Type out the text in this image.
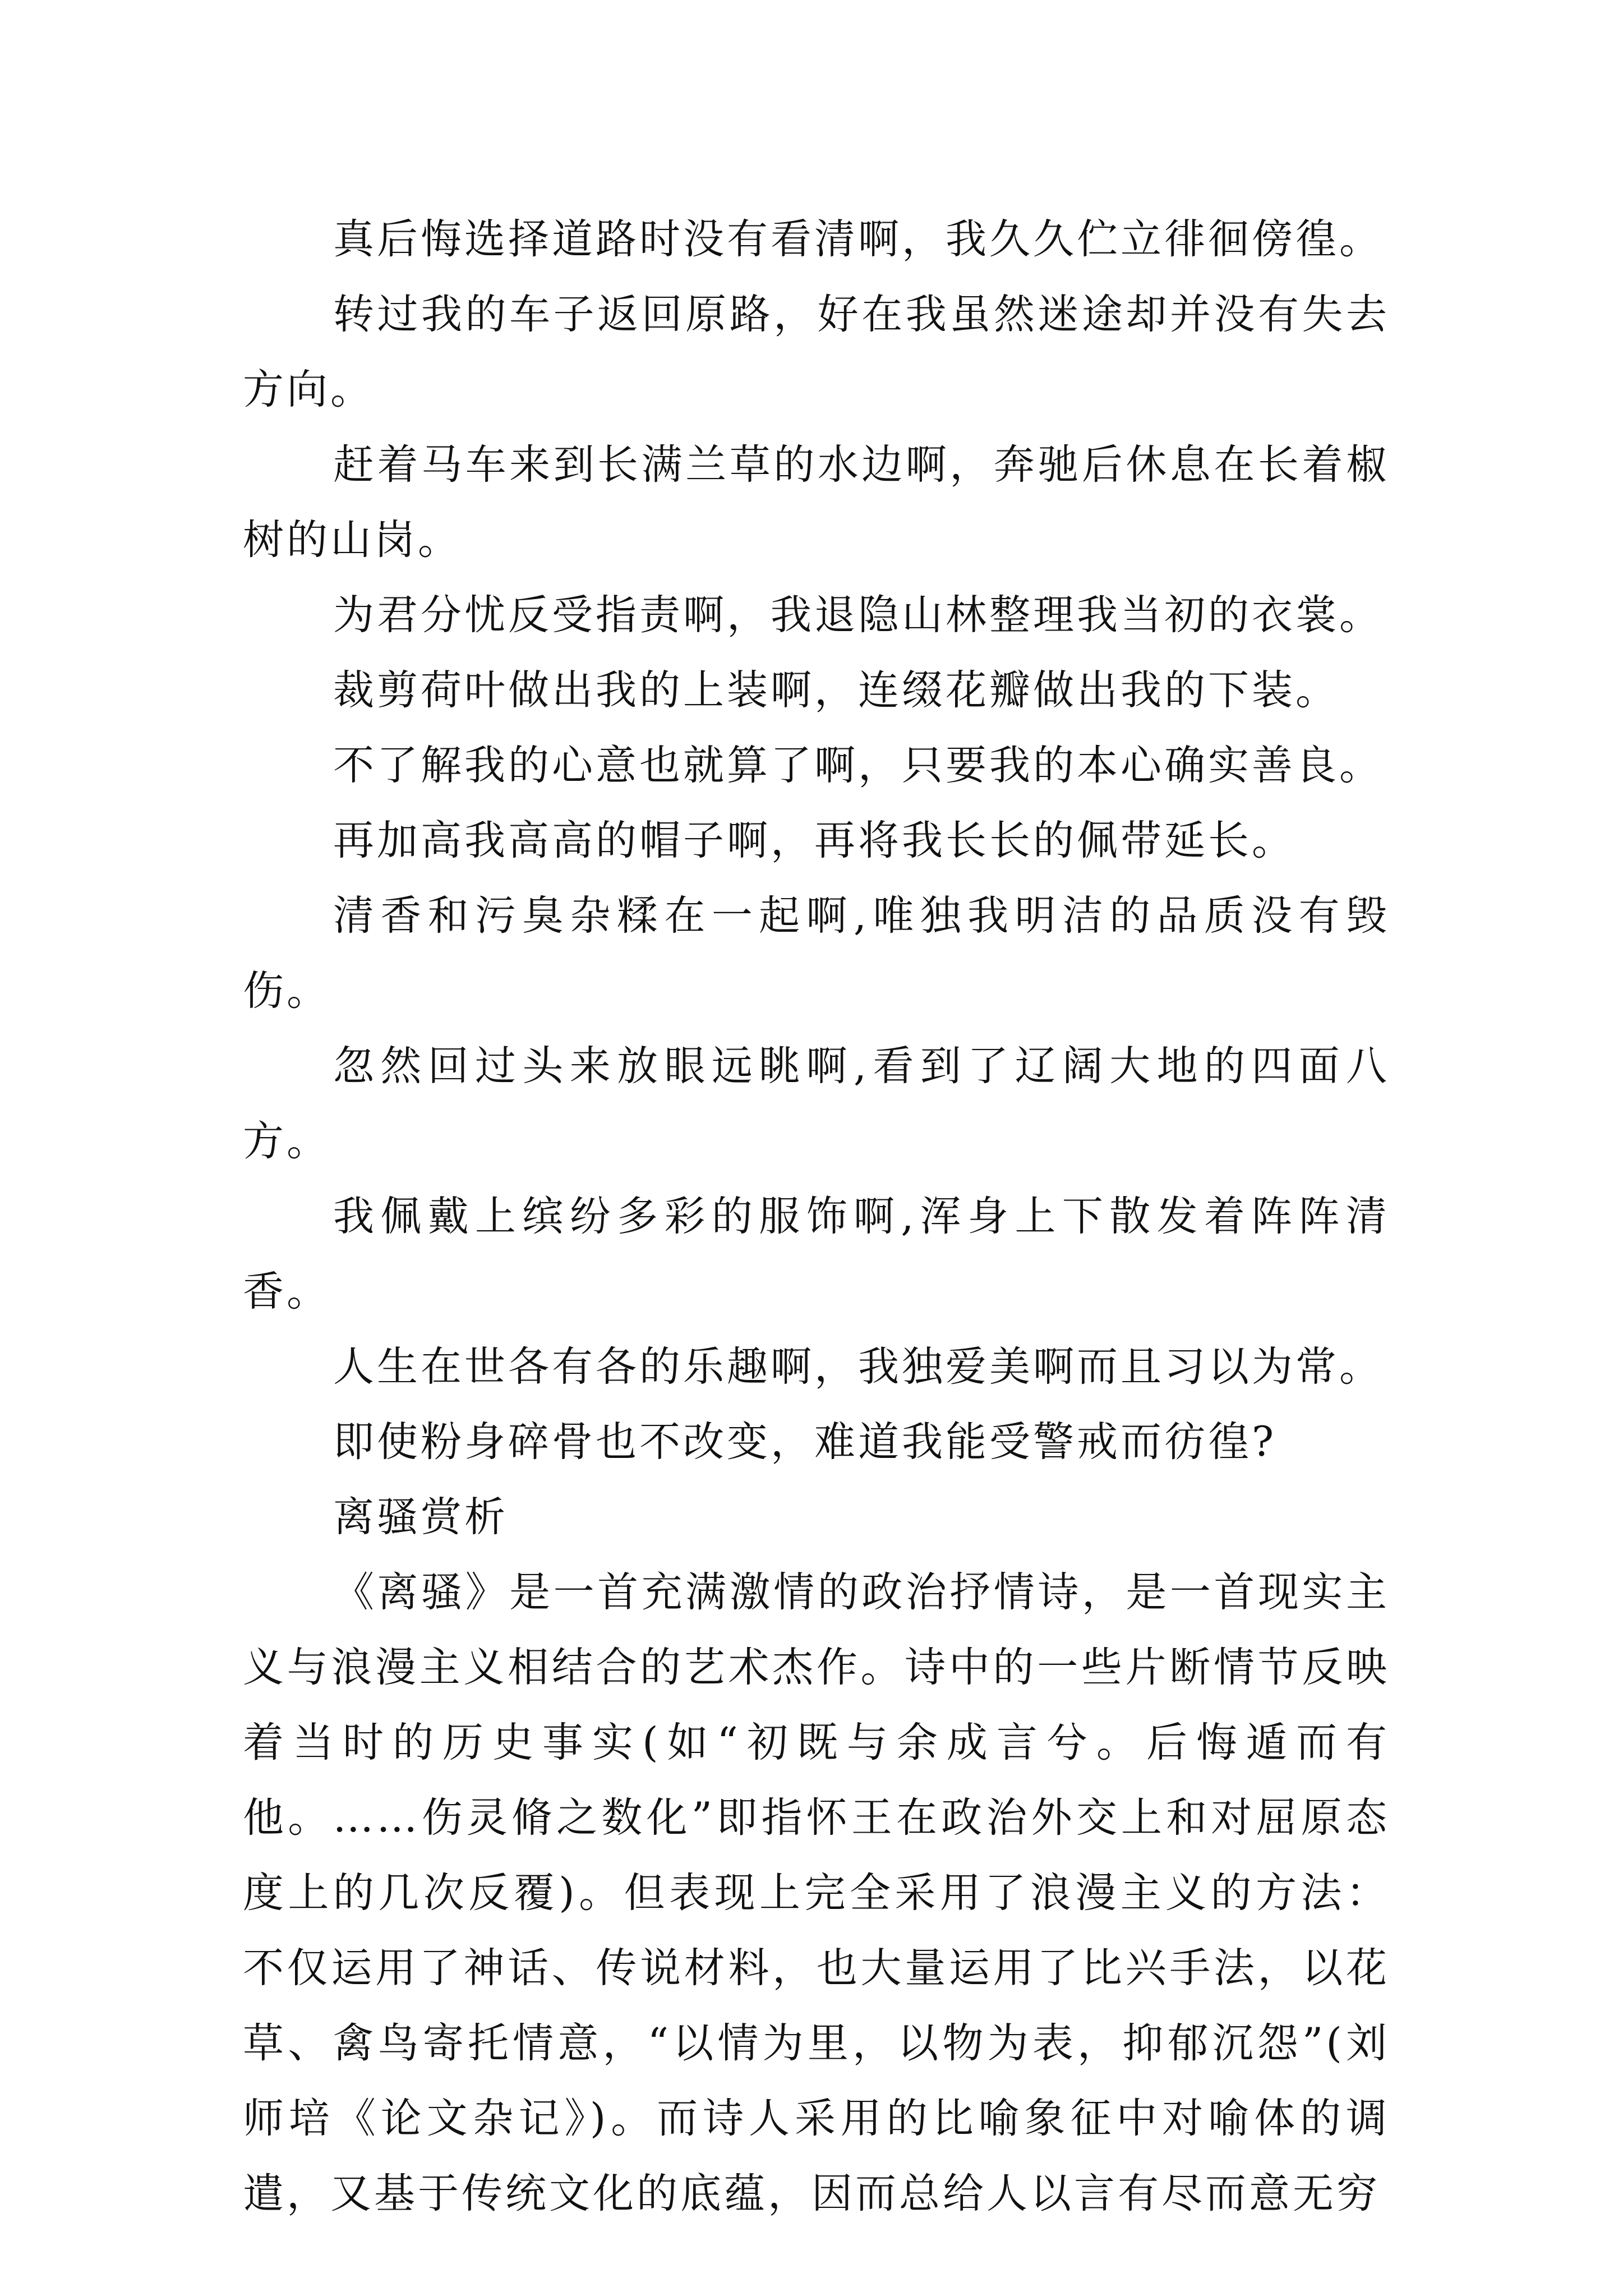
真后悔选择道路时没有看清啊，我久久伫立徘徊傍徨。

转过我的车子返回原路，好在我虽然迷途却并没有失去方向。

赶着马车来到长满兰草的水边啊，奔驰后休息在长着椒树的山岗。

为君分忧反受指责啊，我退隐山林整理我当初的衣裳。

裁剪荷叶做出我的上装啊，连缀花瓣做出我的下装。

不了解我的心意也就算了啊，只要我的本心确实善良。

再加高我高高的帽子啊，再将我长长的佩带延长。

清香和污臭杂糅在一起啊,唯独我明洁的品质没有毁伤。

忽然回过头来放眼远眺啊,看到了辽阔大地的四面八方。

我佩戴上缤纷多彩的服饰啊,浑身上下散发着阵阵清香。

人生在世各有各的乐趣啊，我独爱美啊而且习以为常。

即使粉身碎骨也不改变，难道我能受警戒而彷徨?

离骚赏析

《离骚》是一首充满激情的政治抒情诗，是一首现实主义与浪漫主义相结合的艺术杰作。诗中的一些片断情节反映着当时的历史事实(如“初既与余成言兮。后悔遁而有他。……伤灵脩之数化”即指怀王在政治外交上和对屈原态度上的几次反覆)。但表现上完全采用了浪漫主义的方法：不仅运用了神话、传说材料，也大量运用了比兴手法，以花草、禽鸟寄托情意，“以情为里，以物为表，抑郁沉怨”(刘师培《论文杂记》)。而诗人采用的比喻象征中对喻体的调遣，又基于传统文化的底蕴，因而总给人以言有尽而意无穷
